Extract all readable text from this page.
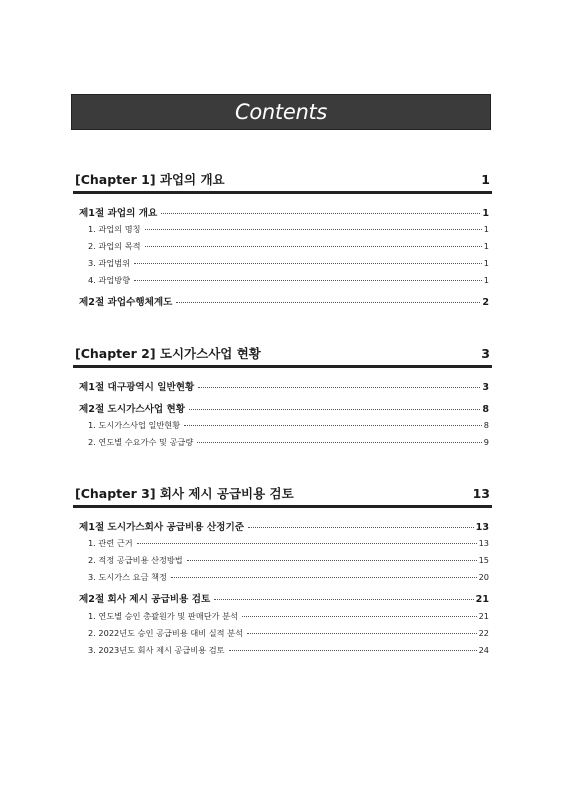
Contents
[Chapter 1] 과업의 개요	1
제1절 과업의 개요	1
1. 과업의 명칭	1
2. 과업의 목적	1
3. 과업범위	1
4. 과업방향	1
제2절 과업수행체계도	2
[Chapter 2] 도시가스사업 현황	3
제1절 대구광역시 일반현황	3
제2절 도시가스사업 현황	8
1. 도시가스사업 일반현황	8
2. 연도별 수요가수 및 공급량	9
[Chapter 3] 회사 제시 공급비용 검토	13
제1절 도시가스회사 공급비용 산정기준	13
1. 관련 근거	13
2. 적정 공급비용 산정방법	15
3. 도시가스 요금 책정	20
제2절 회사 제시 공급비용 검토	21
1. 연도별 승인 총괄원가 및 판매단가 분석	21
2. 2022년도 승인 공급비용 대비 실적 분석	22
3. 2023년도 회사 제시 공급비용 검토	24
